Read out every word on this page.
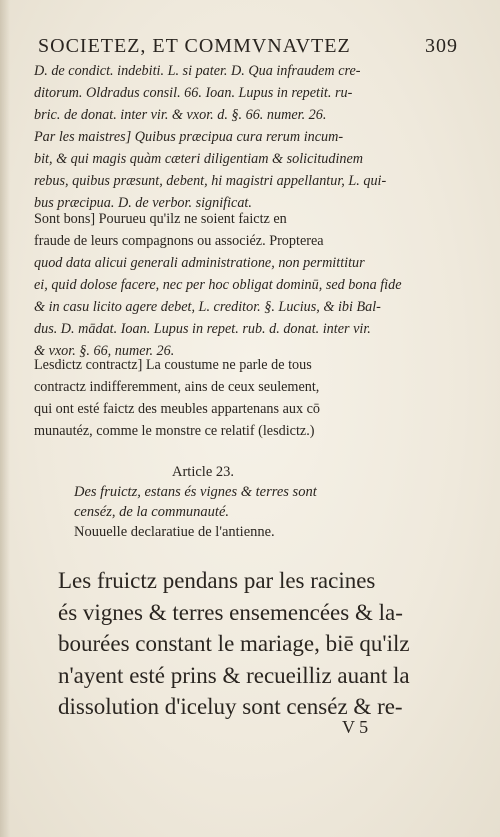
SOCIETEZ, ET COMMVNAVTEZ	309
D. de condict. indebiti. L. si pater. D. Qua infraudem cre-
ditorum. Oldradus consil. 66. Ioan. Lupus in repetit. ru-
bric. de donat. inter vir. & vxor. d. §. 66. numer. 26.
Par les maistres] Quibus præcipua cura rerum incum-
bit, & qui magis quàm cæteri diligentiam & solicitudinem
rebus, quibus præsunt, debent, hi magistri appellantur, L. qui-
bus præcipua. D. de verbor. significat.
Sont bons] Pourueu qu'ilz ne soient faictz en
fraude de leurs compagnons ou associéz. Propterea
quod data alicui generali administratione, non permittitur
ei, quid dolose facere, nec per hoc obligat dominū, sed bona fide
& in casu licito agere debet, L. creditor. §. Lucius, & ibi Bal-
dus. D. mādat. Ioan. Lupus in repet. rub. d. donat. inter vir.
& vxor. §. 66, numer. 26.
Lesdictz contractz] La coustume ne parle de tous
contractz indifferemment, ains de ceux seulement,
qui ont esté faictz des meubles appartenans aux cō
munautéz, comme le monstre ce relatif (lesdictz.)
Article 23.
Des fruictz, estans és vignes & terres sont
censéz, de la communauté.
Nouuelle declaratiue de l'antienne.
Les fruictz pendans par les racines
és vignes & terres ensemencées & la-
bourées constant le mariage, biē qu'ilz
n'ayent esté prins & recueilliz auant la
dissolution d'iceluy sont censéz & re-
V 5
